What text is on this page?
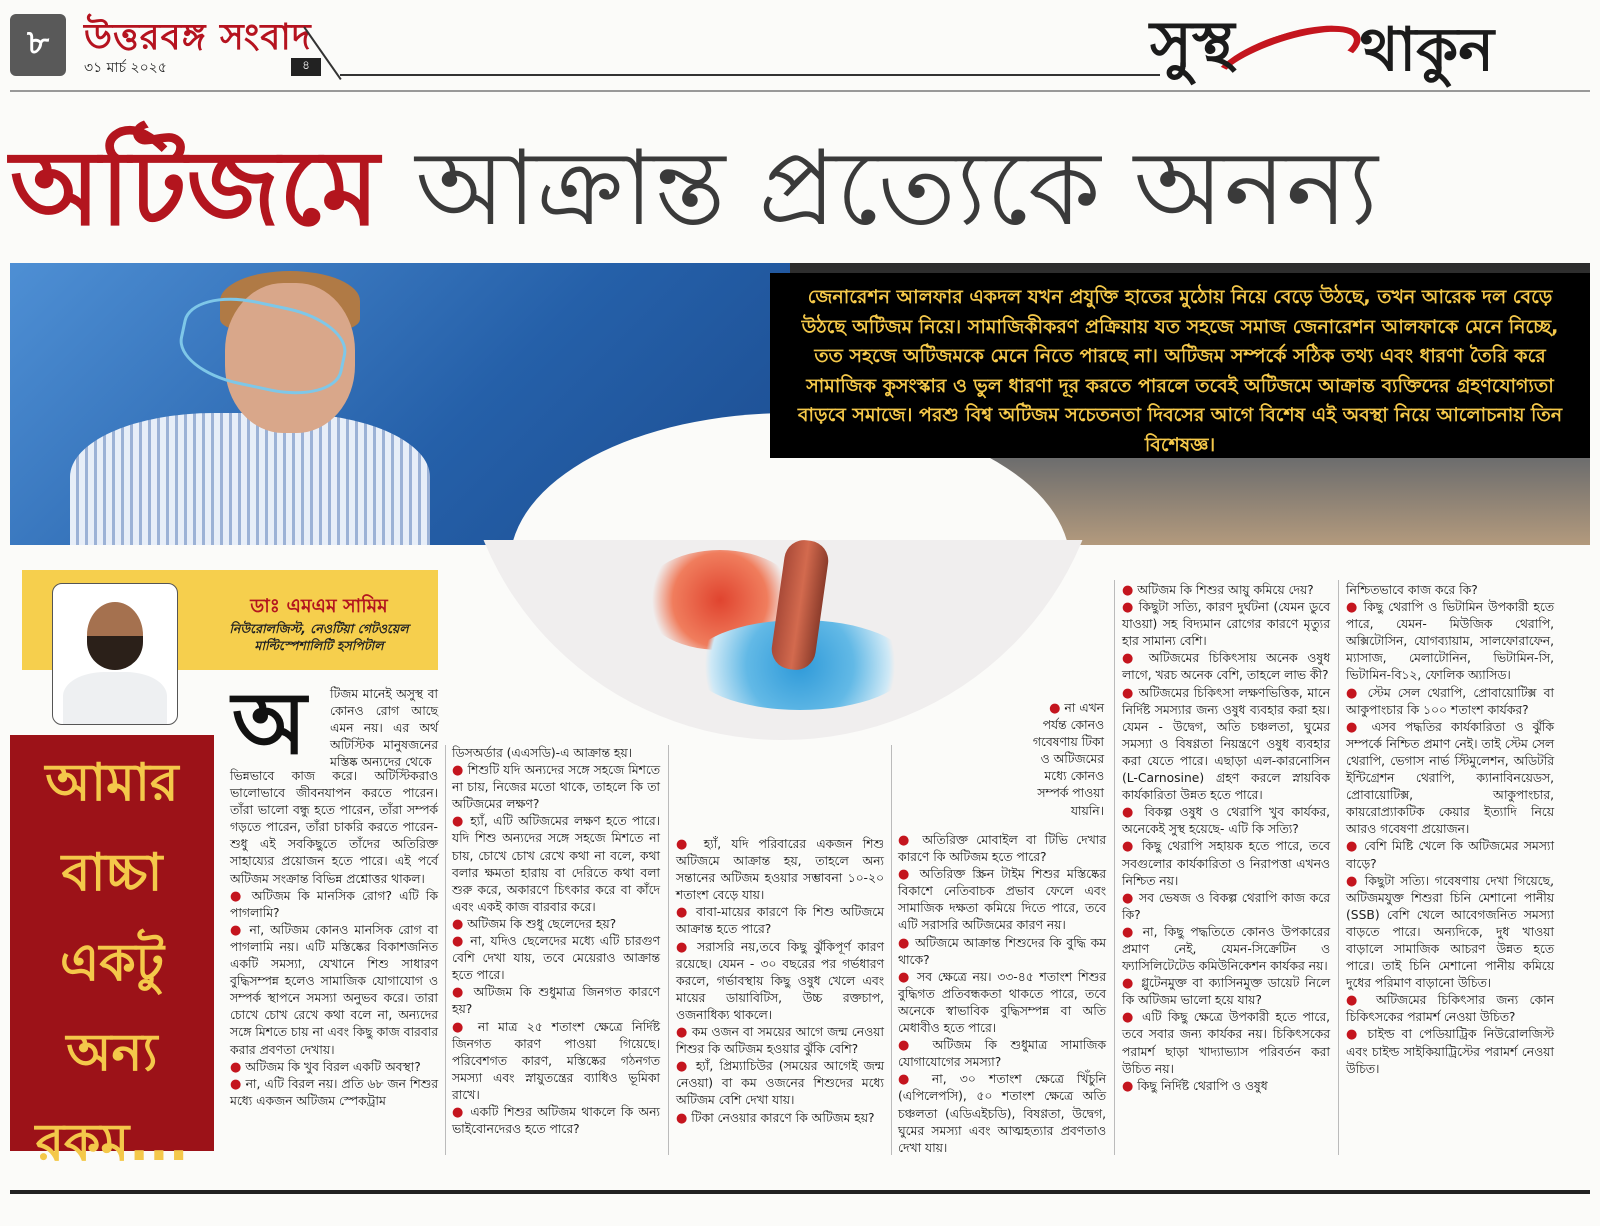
৮ উত্তরবঙ্গ সংবাদ
৩১ মার্চ ২০২৫	৪	সুস্থ থাকুন
অটিজমে আক্রান্ত প্রত্যেকে অনন্য

জেনারেশন আলফার একদল যখন প্রযুক্তি হাতের মুঠোয় নিয়ে বেড়ে উঠছে, তখন আরেক দল বেড়ে উঠছে অটিজম নিয়ে। সামাজিকীকরণ প্রক্রিয়ায় যত সহজে সমাজ জেনারেশন আলফাকে মেনে নিচ্ছে, তত সহজে অটিজমকে মেনে নিতে পারছে না। অটিজম সম্পর্কে সঠিক তথ্য এবং ধারণা তৈরি করে সামাজিক কুসংস্কার ও ভুল ধারণা দূর করতে পারলে তবেই অটিজমে আক্রান্ত ব্যক্তিদের গ্রহণযোগ্যতা বাড়বে সমাজে। পরশু বিশ্ব অটিজম সচেতনতা দিবসের আগে বিশেষ এই অবস্থা নিয়ে আলোচনায় তিন বিশেষজ্ঞ।

ডাঃ এমএম সামিম
নিউরোলজিস্ট, নেওটিয়া গেটওয়েল মাল্টিস্পেশালিটি হসপিটাল
আমার
বাচ্চা
একটু
অন্য
রকম...
অ	টিজম মানেই অসুস্থ বা কোনও রোগ আছে এমন নয়। এর অর্থ অটিস্টিক মানুষজনের মস্তিষ্ক অন্যদের থেকে

ভিন্নভাবে কাজ করে। অটিস্টিকরাও ভালোভাবে জীবনযাপন করতে পারেন। তাঁরা ভালো বন্ধু হতে পারেন, তাঁরা সম্পর্ক গড়তে পারেন, তাঁরা চাকরি করতে পারেন- শুধু এই সবকিছুতে তাঁদের অতিরিক্ত সাহায্যের প্রয়োজন হতে পারে। এই পর্বে অটিজম সংক্রান্ত বিভিন্ন প্রশ্নোত্তর থাকল।

● অটিজম কি মানসিক রোগ? এটি কি পাগলামি?

● না, অটিজম কোনও মানসিক রোগ বা পাগলামি নয়। এটি মস্তিষ্কের বিকাশজনিত একটি সমস্যা, যেখানে শিশু সাধারণ বুদ্ধিসম্পন্ন হলেও সামাজিক যোগাযোগ ও সম্পর্ক স্থাপনে সমস্যা অনুভব করে। তারা চোখে চোখ রেখে কথা বলে না, অন্যদের সঙ্গে মিশতে চায় না এবং কিছু কাজ বারবার করার প্রবণতা দেখায়।

● অটিজম কি খুব বিরল একটি অবস্থা?

● না, এটি বিরল নয়। প্রতি ৬৮ জন শিশুর মধ্যে একজন অটিজম স্পেকট্রাম

ডিসঅর্ডার (এএসডি)-এ আক্রান্ত হয়।

● শিশুটি যদি অন্যদের সঙ্গে সহজে মিশতে না চায়, নিজের মতো থাকে, তাহলে কি তা অটিজমের লক্ষণ?

● হ্যাঁ, এটি অটিজমের লক্ষণ হতে পারে। যদি শিশু অন্যদের সঙ্গে সহজে মিশতে না চায়, চোখে চোখ রেখে কথা না বলে, কথা বলার ক্ষমতা হারায় বা দেরিতে কথা বলা শুরু করে, অকারণে চিৎকার করে বা কাঁদে এবং একই কাজ বারবার করে।

● অটিজম কি শুধু ছেলেদের হয়?

● না, যদিও ছেলেদের মধ্যে এটি চারগুণ বেশি দেখা যায়, তবে মেয়েরাও আক্রান্ত হতে পারে।

● অটিজম কি শুধুমাত্র জিনগত কারণে হয়?

● না মাত্র ২৫ শতাংশ ক্ষেত্রে নির্দিষ্ট জিনগত কারণ পাওয়া গিয়েছে। পরিবেশগত কারণ, মস্তিষ্কের গঠনগত সমস্যা এবং স্নায়ুতন্ত্রের ব্যাধিও ভূমিকা রাখে।

● একটি শিশুর অটিজম থাকলে কি অন্য ভাইবোনদেরও হতে পারে?

● হ্যাঁ, যদি পরিবারের একজন শিশু অটিজমে আক্রান্ত হয়, তাহলে অন্য সন্তানের অটিজম হওয়ার সম্ভাবনা ১০-২০ শতাংশ বেড়ে যায়।

● বাবা-মায়ের কারণে কি শিশু অটিজমে আক্রান্ত হতে পারে?

● সরাসরি নয়,তবে কিছু ঝুঁকিপূর্ণ কারণ রয়েছে। যেমন - ৩০ বছরের পর গর্ভধারণ করলে, গর্ভাবস্থায় কিছু ওষুধ খেলে এবং মায়ের ডায়াবিটিস, উচ্চ রক্তচাপ, ওজনাধিক্য থাকলে।

● কম ওজন বা সময়ের আগে জন্ম নেওয়া শিশুর কি অটিজম হওয়ার ঝুঁকি বেশি?

● হ্যাঁ, প্রিম্যাচিউর (সময়ের আগেই জন্ম নেওয়া) বা কম ওজনের শিশুদের মধ্যে অটিজম বেশি দেখা যায়।

● টিকা নেওয়ার কারণে কি অটিজম হয়?

● না এখন পর্যন্ত কোনও গবেষণায় টিকা ও অটিজমের মধ্যে কোনও সম্পর্ক পাওয়া যায়নি।

● অতিরিক্ত মোবাইল বা টিভি দেখার কারণে কি অটিজম হতে পারে?

● অতিরিক্ত স্ক্রিন টাইম শিশুর মস্তিষ্কের বিকাশে নেতিবাচক প্রভাব ফেলে এবং সামাজিক দক্ষতা কমিয়ে দিতে পারে, তবে এটি সরাসরি অটিজমের কারণ নয়।

● অটিজমে আক্রান্ত শিশুদের কি বুদ্ধি কম থাকে?

● সব ক্ষেত্রে নয়। ৩৩-৪৫ শতাংশ শিশুর বুদ্ধিগত প্রতিবন্ধকতা থাকতে পারে, তবে অনেকে স্বাভাবিক বুদ্ধিসম্পন্ন বা অতি মেধাবীও হতে পারে।

● অটিজম কি শুধুমাত্র সামাজিক যোগাযোগের সমস্যা?

● না, ৩০ শতাংশ ক্ষেত্রে খিঁচুনি (এপিলেপসি), ৫০ শতাংশ ক্ষেত্রে অতি চঞ্চলতা (এডিএইচডি), বিষণ্ণতা, উদ্বেগ, ঘুমের সমস্যা এবং আত্মহত্যার প্রবণতাও দেখা যায়।

● অটিজম কি শিশুর আয়ু কমিয়ে দেয়?

● কিছুটা সত্যি, কারণ দুর্ঘটনা (যেমন ডুবে যাওয়া) সহ বিদ্যমান রোগের কারণে মৃত্যুর হার সামান্য বেশি।

● অটিজমের চিকিৎসায় অনেক ওষুধ লাগে, খরচ অনেক বেশি, তাহলে লাভ কী?

● অটিজমের চিকিৎসা লক্ষণভিত্তিক, মানে নির্দিষ্ট সমস্যার জন্য ওষুধ ব্যবহার করা হয়। যেমন - উদ্বেগ, অতি চঞ্চলতা, ঘুমের সমস্যা ও বিষণ্ণতা নিয়ন্ত্রণে ওষুধ ব্যবহার করা যেতে পারে। এছাড়া এল-কারনোসিন (L-Carnosine) গ্রহণ করলে স্নায়বিক কার্যকারিতা উন্নত হতে পারে।

● বিকল্প ওষুধ ও থেরাপি খুব কার্যকর, অনেকেই সুস্থ হয়েছে- এটি কি সত্যি?

● কিছু থেরাপি সহায়ক হতে পারে, তবে সবগুলোর কার্যকারিতা ও নিরাপত্তা এখনও নিশ্চিত নয়।

● সব ভেষজ ও বিকল্প থেরাপি কাজ করে কি?

● না, কিছু পদ্ধতিতে কোনও উপকারের প্রমাণ নেই, যেমন-সিক্রেটিন ও ফ্যাসিলিটেটেড কমিউনিকেশন কার্যকর নয়।

● গ্লুটেনমুক্ত বা ক্যাসিনমুক্ত ডায়েট নিলে কি অটিজম ভালো হয়ে যায়?

● এটি কিছু ক্ষেত্রে উপকারী হতে পারে, তবে সবার জন্য কার্যকর নয়। চিকিৎসকের পরামর্শ ছাড়া খাদ্যাভ্যাস পরিবর্তন করা উচিত নয়।

● কিছু নির্দিষ্ট থেরাপি ও ওষুধ

নিশ্চিতভাবে কাজ করে কি?

● কিছু থেরাপি ও ভিটামিন উপকারী হতে পারে, যেমন- মিউজিক থেরাপি, অক্সিটোসিন, যোগব্যায়াম, সালফোরাফেন, ম্যাসাজ, মেলাটোনিন, ভিটামিন-সি, ভিটামিন-বি১২, ফোলিক অ্যাসিড।

● স্টেম সেল থেরাপি, প্রোবায়োটিক্স বা আকুপাংচার কি ১০০ শতাংশ কার্যকর?

● এসব পদ্ধতির কার্যকারিতা ও ঝুঁকি সম্পর্কে নিশ্চিত প্রমাণ নেই। তাই স্টেম সেল থেরাপি, ভেগাস নার্ভ স্টিমুলেশন, অডিটরি ইন্টিগ্রেশন থেরাপি, ক্যানাবিনয়েডস, প্রোবায়োটিক্স, আকুপাংচার, কায়রোপ্র্যাকটিক কেয়ার ইত্যাদি নিয়ে আরও গবেষণা প্রয়োজন।

● বেশি মিষ্টি খেলে কি অটিজমের সমস্যা বাড়ে?

● কিছুটা সত্যি। গবেষণায় দেখা গিয়েছে, অটিজমযুক্ত শিশুরা চিনি মেশানো পানীয় (SSB) বেশি খেলে আবেগজনিত সমস্যা বাড়তে পারে। অন্যদিকে, দুধ খাওয়া বাড়ালে সামাজিক আচরণ উন্নত হতে পারে। তাই চিনি মেশানো পানীয় কমিয়ে দুধের পরিমাণ বাড়ানো উচিত।

● অটিজমের চিকিৎসার জন্য কোন চিকিৎসকের পরামর্শ নেওয়া উচিত?

● চাইল্ড বা পেডিয়াট্রিক নিউরোলজিস্ট এবং চাইল্ড সাইকিয়াট্রিস্টের পরামর্শ নেওয়া উচিত।
